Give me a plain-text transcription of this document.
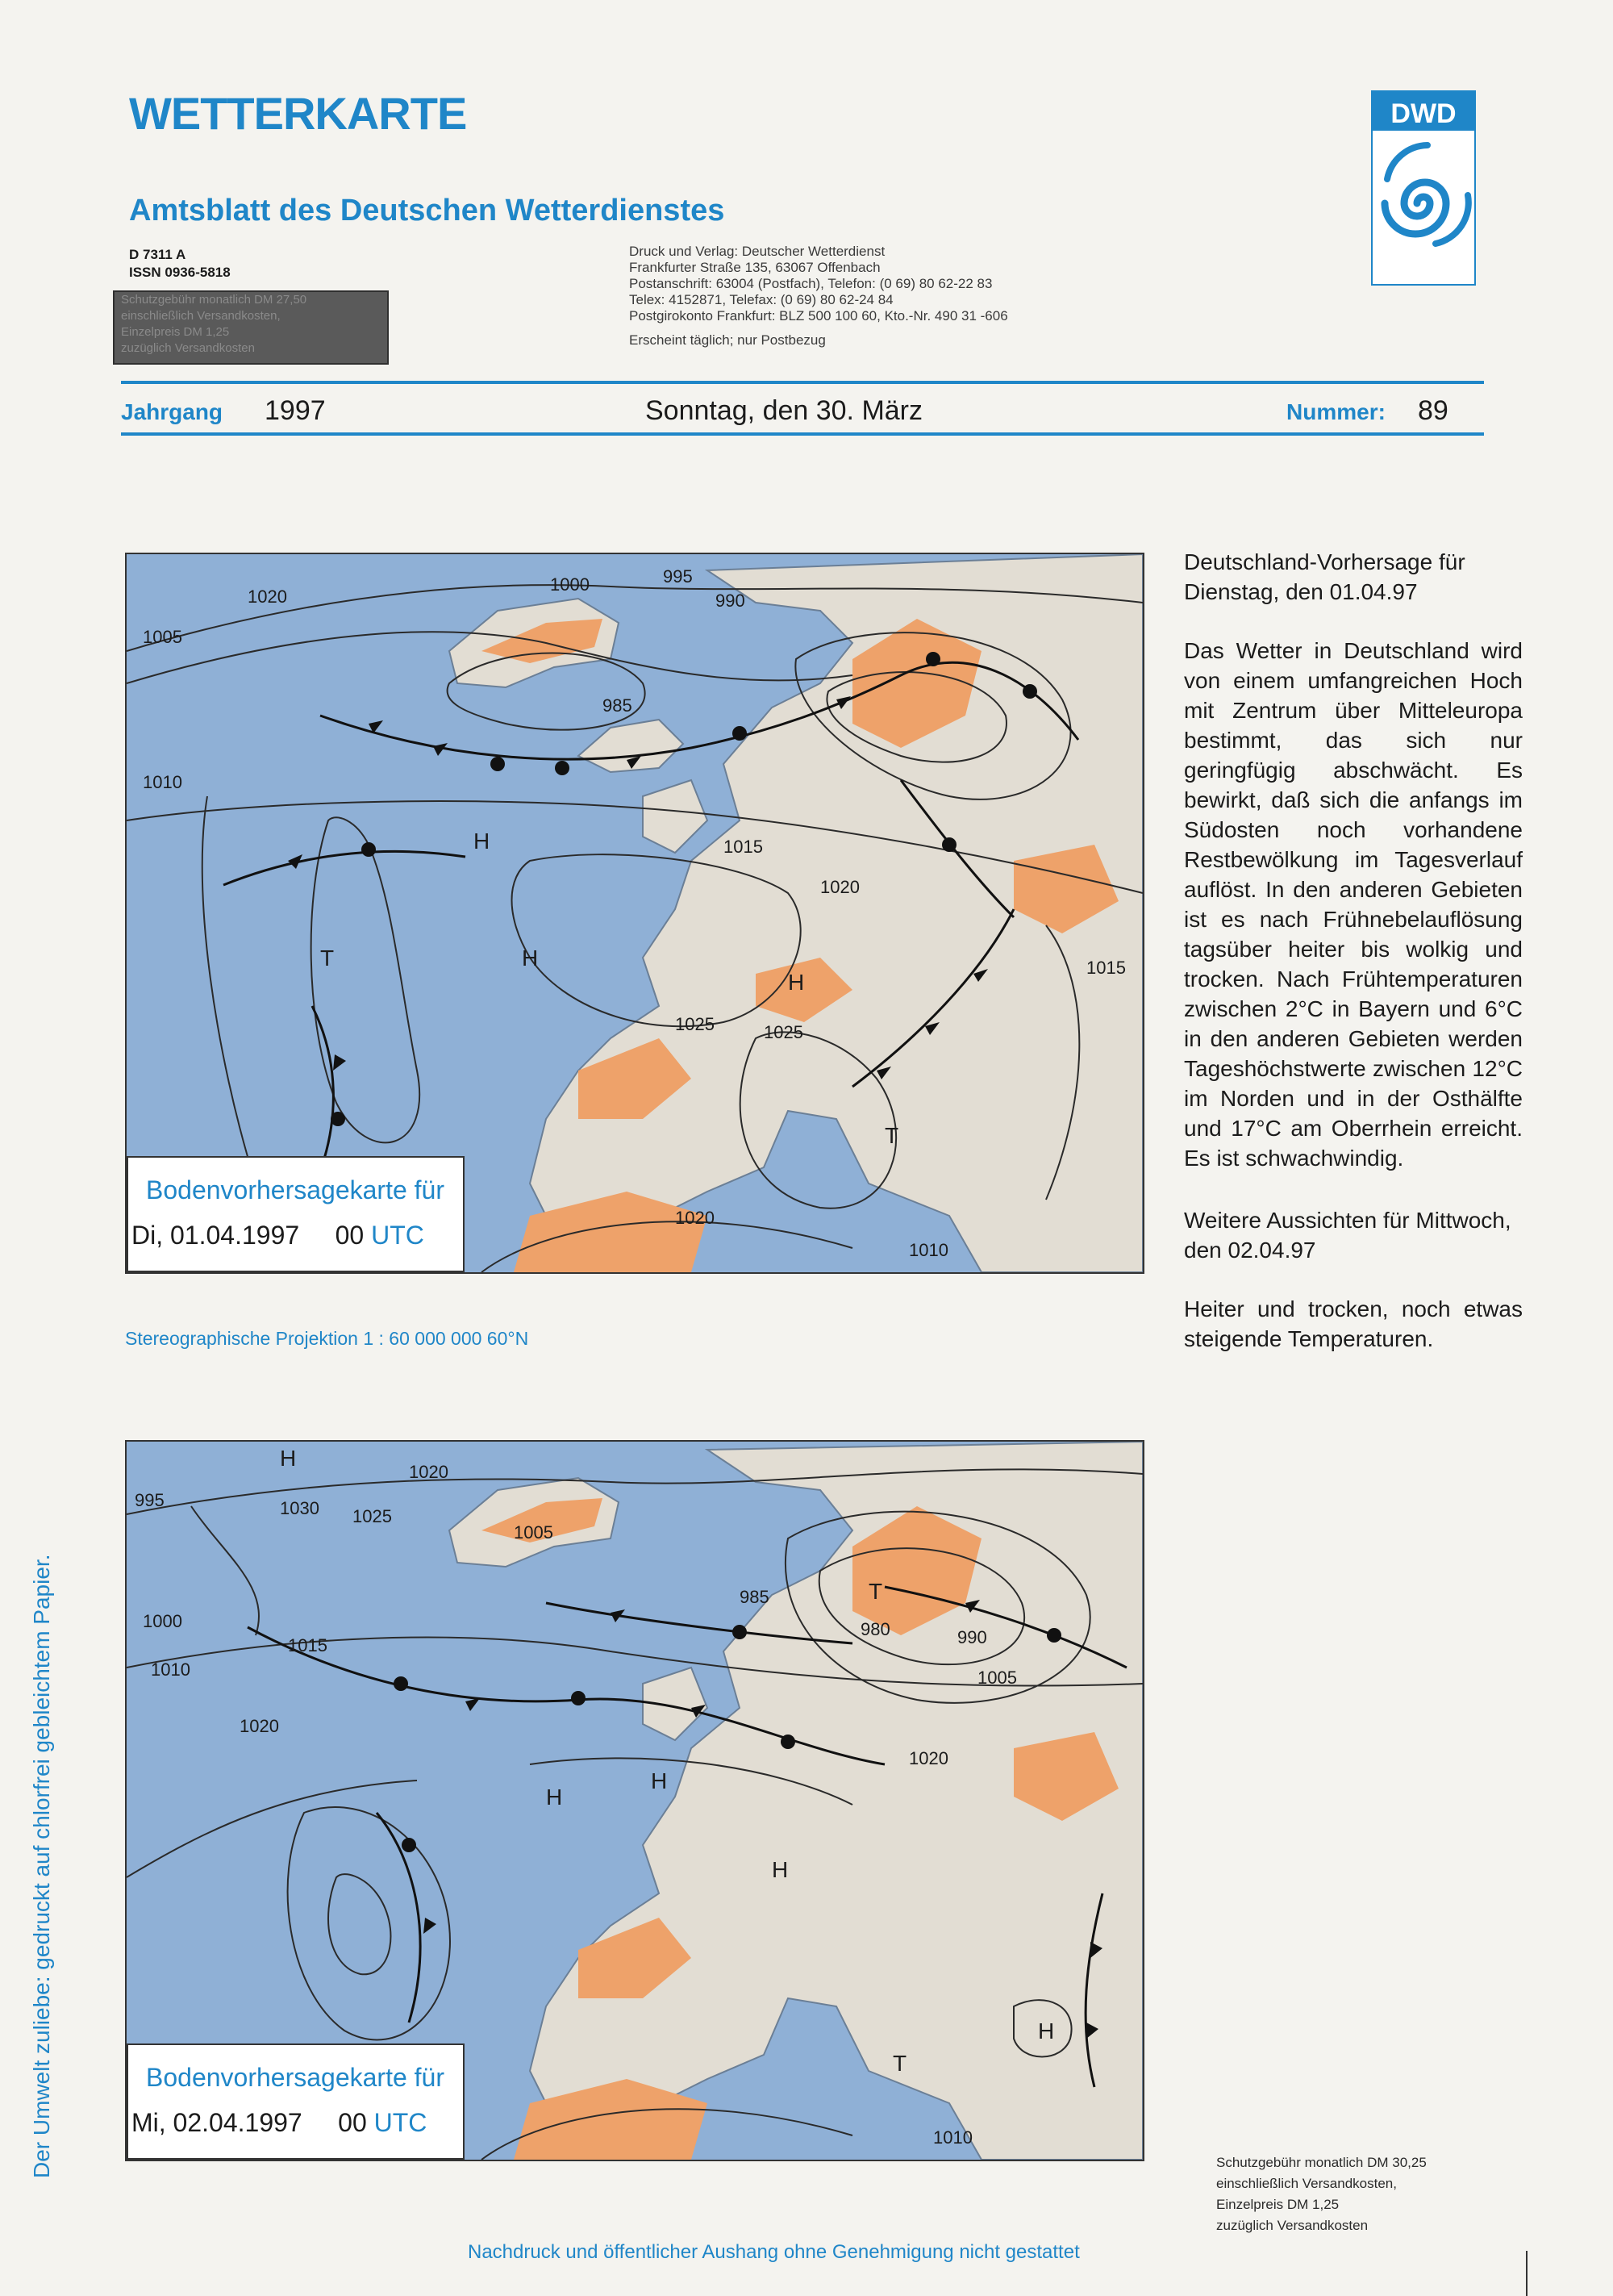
WETTERKARTE
Amtsblatt des Deutschen Wetterdienstes
D 7311 A
ISSN 0936-5818
Schutzgebühr monatlich DM 27,50
einschließlich Versandkosten,
Einzelpreis DM 1,25
zuzüglich Versandkosten
Druck und Verlag: Deutscher Wetterdienst
Frankfurter Straße 135, 63067 Offenbach
Postanschrift: 63004 (Postfach), Telefon: (0 69) 80 62-22 83
Telex: 4152871, Telefax: (0 69) 80 62-24 84
Postgirokonto Frankfurt: BLZ 500 100 60, Kto.-Nr. 490 31 -606
Erscheint täglich; nur Postbezug
DWD
Jahrgang 1997	Sonntag, den 30. März	Nummer: 89
1020
1005
1000	995
990
985
1015
1010
1020
H
T	H
1025	1025
H
T
1020
1010
1015
Bodenvorhersagekarte für
Di, 01.04.1997 00 UTC
Stereographische Projektion 1 : 60 000 000 60°N
H
1020
995	1030 1025
1005
1000
1015
1010
1020
T
985
990
980
1005
H
H
1020
H
T
1010
H
Bodenvorhersagekarte für
Mi, 02.04.1997 00 UTC

Deutschland-Vorhersage für Dienstag, den 01.04.97

Das Wetter in Deutschland wird von einem umfangreichen Hoch mit Zentrum über Mitteleuropa bestimmt, das sich nur geringfügig abschwächt. Es bewirkt, daß sich die anfangs im Südosten noch vorhandene Restbewölkung im Tagesverlauf auflöst. In den anderen Gebieten ist es nach Frühnebelauflösung tagsüber heiter bis wolkig und trocken. Nach Frühtemperaturen zwischen 2°C in Bayern und 6°C in den anderen Gebieten werden Tageshöchstwerte zwischen 12°C im Norden und in der Osthälfte und 17°C am Oberrhein erreicht. Es ist schwachwindig.

Weitere Aussichten für Mittwoch, den 02.04.97

Heiter und trocken, noch etwas steigende Temperaturen.

Der Umwelt zuliebe: gedruckt auf chlorfrei gebleichtem Papier.	Schutzgebühr monatlich DM 30,25
einschließlich Versandkosten,
Einzelpreis DM 1,25
zuzüglich Versandkosten
Nachdruck und öffentlicher Aushang ohne Genehmigung nicht gestattet
